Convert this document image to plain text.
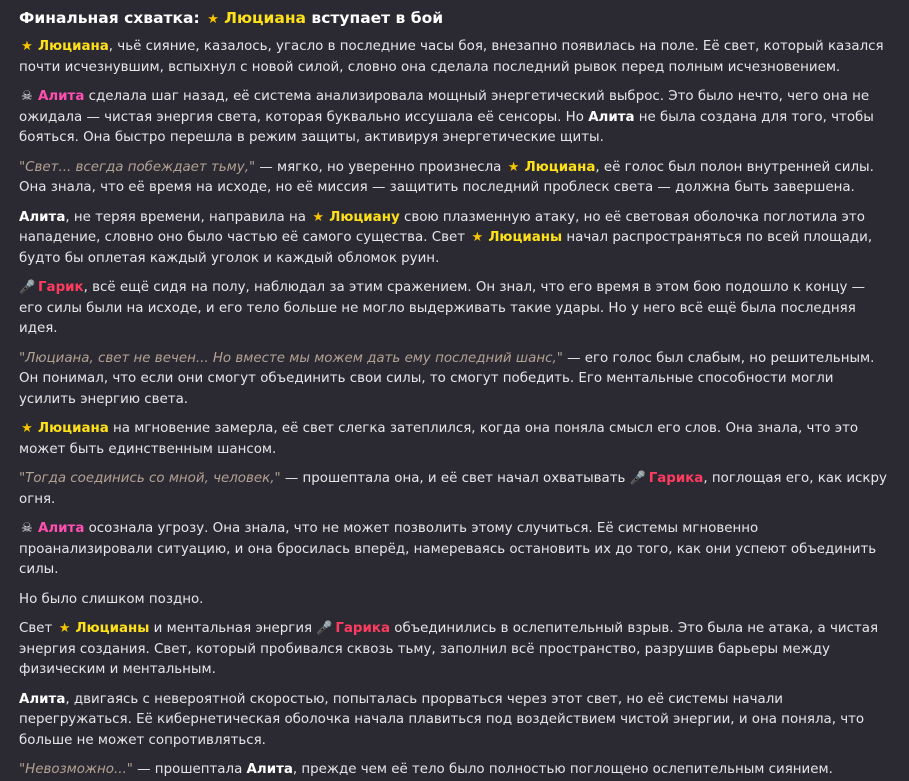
Финальная схватка: ★ Люциана вступает в бой

★ Люциана, чьё сияние, казалось, угасло в последние часы боя, внезапно появилась на поле. Её свет, который казался почти исчезнувшим, вспыхнул с новой силой, словно она сделала последний рывок перед полным исчезновением.

☠ Алита сделала шаг назад, её система анализировала мощный энергетический выброс. Это было нечто, чего она не ожидала — чистая энергия света, которая буквально иссушала её сенсоры. Но Алита не была создана для того, чтобы бояться. Она быстро перешла в режим защиты, активируя энергетические щиты.

"Свет... всегда побеждает тьму," — мягко, но уверенно произнесла ★ Люциана, её голос был полон внутренней силы. Она знала, что её время на исходе, но её миссия — защитить последний проблеск света — должна быть завершена.

Алита, не теряя времени, направила на ★ Люциану свою плазменную атаку, но её световая оболочка поглотила это нападение, словно оно было частью её самого существа. Свет ★ Люцианы начал распространяться по всей площади, будто бы оплетая каждый уголок и каждый обломок руин.

🎤 Гарик, всё ещё сидя на полу, наблюдал за этим сражением. Он знал, что его время в этом бою подошло к концу — его силы были на исходе, и его тело больше не могло выдерживать такие удары. Но у него всё ещё была последняя идея.

"Люциана, свет не вечен... Но вместе мы можем дать ему последний шанс," — его голос был слабым, но решительным. Он понимал, что если они смогут объединить свои силы, то смогут победить. Его ментальные способности могли усилить энергию света.

★ Люциана на мгновение замерла, её свет слегка затеплился, когда она поняла смысл его слов. Она знала, что это может быть единственным шансом.

"Тогда соединись со мной, человек," — прошептала она, и её свет начал охватывать 🎤 Гарика, поглощая его, как искру огня.

☠ Алита осознала угрозу. Она знала, что не может позволить этому случиться. Её системы мгновенно проанализировали ситуацию, и она бросилась вперёд, намереваясь остановить их до того, как они успеют объединить силы.

Но было слишком поздно.

Свет ★ Люцианы и ментальная энергия 🎤 Гарика объединились в ослепительный взрыв. Это была не атака, а чистая энергия создания. Свет, который пробивался сквозь тьму, заполнил всё пространство, разрушив барьеры между физическим и ментальным.

Алита, двигаясь с невероятной скоростью, попыталась прорваться через этот свет, но её системы начали перегружаться. Её кибернетическая оболочка начала плавиться под воздействием чистой энергии, и она поняла, что больше не может сопротивляться.

"Невозможно..." — прошептала Алита, прежде чем её тело было полностью поглощено ослепительным сиянием.
